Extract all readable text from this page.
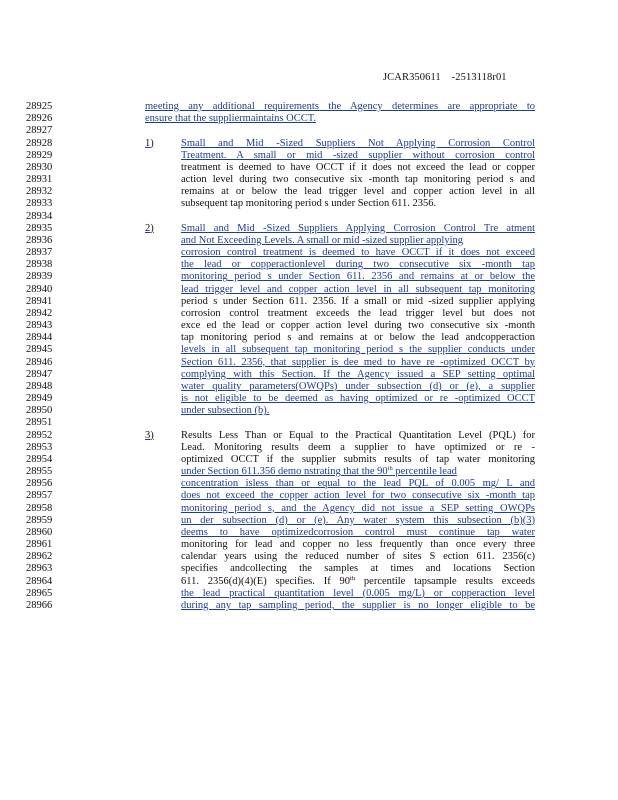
JCAR350611    -2513118r01
28925	meeting any additional requirements the Agency determines are appropriate to
28926	ensure that the suppliermaintains OCCT.
28927
28928	1)	Small and Mid -Sized Suppliers Not Applying Corrosion Control
28929	Treatment. A small or mid -sized supplier without corrosion control
28930	treatment is deemed to have OCCT if it does not exceed the lead or copper
28931	action level during two consecutive six -month tap monitoring period s and
28932	remains at or below the lead trigger level and copper action level in all
28933	subsequent tap monitoring period s under Section 611. 2356.
28934
28935	2)	Small and Mid -Sized Suppliers Applying Corrosion Control Tre atment
28936	and Not Exceeding Levels. A small or mid -sized supplier applying
28937	corrosion control treatment is deemed to have OCCT if it does not exceed
28938	the lead or copperactionlevel during two consecutive six -month tap
28939	monitoring period s under Section 611. 2356 and remains at or below the
28940	lead trigger level and copper action level in all subsequent tap monitoring
28941	period s under Section 611. 2356. If a small or mid -sized supplier applying
28942	corrosion control treatment exceeds the lead trigger level but does not
28943	exce ed the lead or copper action level during two consecutive six -month
28944	tap monitoring period s and remains at or below the lead andcopperaction
28945	levels in all subsequent tap monitoring period s the supplier conducts under
28946	Section 611. 2356, that supplier is dee med to have re -optimized OCCT by
28947	complying with this Section. If the Agency issued a SEP setting optimal
28948	water quality parameters(OWQPs) under subsection (d) or (e), a supplier
28949	is not eligible to be deemed as having optimized or re -optimized OCCT
28950	under subsection (b).
28951
28952	3)	Results Less Than or Equal to the Practical Quantitation Level (PQL) for
28953	Lead. Monitoring results deem a supplier to have optimized or re -
28954	optimized OCCT if the supplier submits results of tap water monitoring
28955	under Section 611.356 demo nstrating that the 90th percentile lead
28956	concentration isless than or equal to the lead PQL of 0.005 mg/ L and
28957	does not exceed the copper action level for two consecutive six -month tap
28958	monitoring period s, and the Agency did not issue a SEP setting OWQPs
28959	un der subsection (d) or (e). Any water system this subsection (b)(3)
28960	deems to have optimizedcorrosion control must continue tap water
28961	monitoring for lead and copper no less frequently than once every three
28962	calendar years using the reduced number of sites S ection 611. 2356(c)
28963	specifies andcollecting the samples at times and locations Section
28964	611. 2356(d)(4)(E) specifies. If 90th percentile tapsample results exceeds
28965	the lead practical quantitation level (0.005 mg/L) or copperaction level
28966	during any tap sampling period, the supplier is no longer eligible to be
